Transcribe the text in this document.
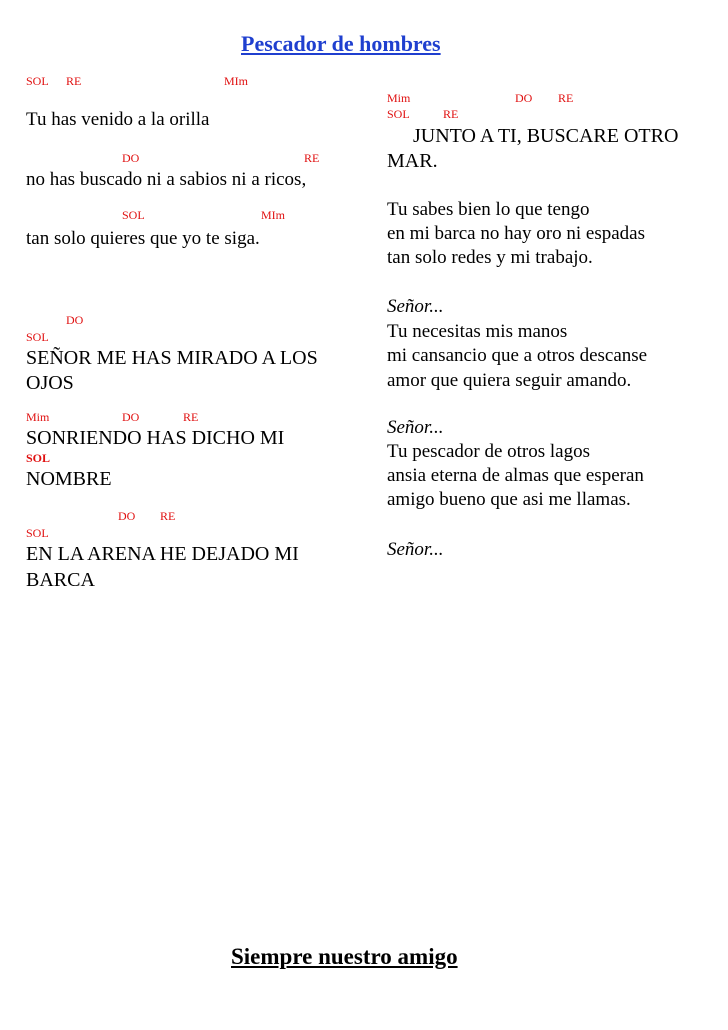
Pescador de hombres
SOL RE	MIm
Tu has venido a la orilla
DO	RE
no has buscado ni a sabios ni a ricos,
SOL	MIm
tan solo quieres que yo te siga.
DO
SOL
SEÑOR ME HAS MIRADO A LOS
OJOS
Mim	DO	RE
SONRIENDO HAS DICHO MI
SOL
NOMBRE
DO RE
SOL
EN LA ARENA HE DEJADO MI
BARCA
Mim	DO RE
SOL	RE
JUNTO A TI, BUSCARE OTRO
MAR.
Tu sabes bien lo que tengo
en mi barca no hay oro ni espadas
tan solo redes y mi trabajo.
Señor...
Tu necesitas mis manos
mi cansancio que a otros descanse
amor que quiera seguir amando.
Señor...
Tu pescador de otros lagos
ansia eterna de almas que esperan
amigo bueno que asi me llamas.
Señor...
Siempre nuestro amigo
